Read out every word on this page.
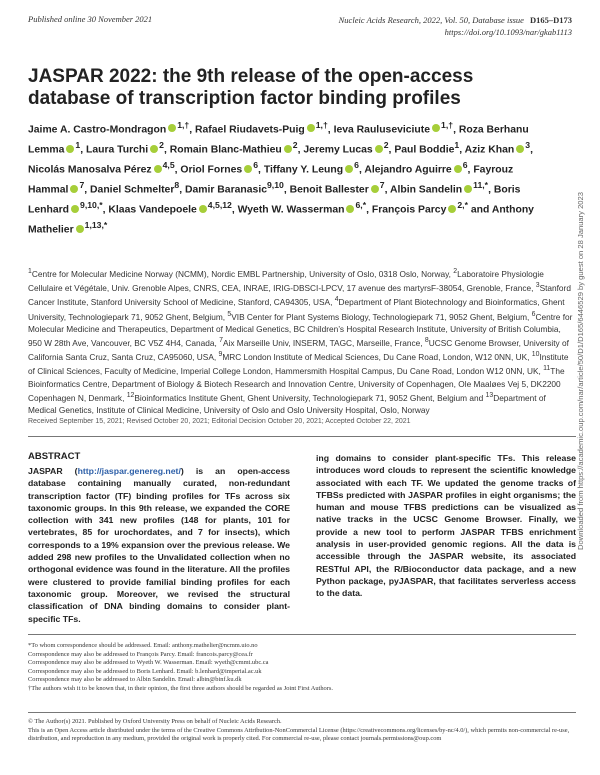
Published online 30 November 2021	Nucleic Acids Research, 2022, Vol. 50, Database issue D165–D173
https://doi.org/10.1093/nar/gkab1113
JASPAR 2022: the 9th release of the open-access database of transcription factor binding profiles
Jaime A. Castro-Mondragon $^{1,\dagger}$, Rafael Riudavets-Puig $^{1,\dagger}$, Ieva Rauluseviciute $^{1,\dagger}$, Roza Berhanu Lemma $^1$, Laura Turchi $^2$, Romain Blanc-Mathieu $^2$, Jeremy Lucas $^2$, Paul Boddie$^1$, Aziz Khan $^3$, Nicolás Manosalva Pérez $^{4,5}$, Oriol Fornes $^6$, Tiffany Y. Leung $^6$, Alejandro Aguirre $^6$, Fayrouz Hammal $^7$, Daniel Schmelter$^8$, Damir Baranasic$^{9,10}$, Benoit Ballester $^7$, Albin Sandelin $^{11,*}$, Boris Lenhard $^{9,10,*}$, Klaas Vandepoele $^{4,5,12}$, Wyeth W. Wasserman $^{6,*}$, François Parcy $^{2,*}$ and Anthony Mathelier $^{1,13,*}$

$^1$Centre for Molecular Medicine Norway (NCMM), Nordic EMBL Partnership, University of Oslo, 0318 Oslo, Norway, $^2$Laboratoire Physiologie Cellulaire et Végétale, Univ. Grenoble Alpes, CNRS, CEA, INRAE, IRIG-DBSCI-LPCV, 17 avenue des martyrsF-38054, Grenoble, France, $^3$Stanford Cancer Institute, Stanford University School of Medicine, Stanford, CA94305, USA, $^4$Department of Plant Biotechnology and Bioinformatics, Ghent University, Technologiepark 71, 9052 Ghent, Belgium, $^5$VIB Center for Plant Systems Biology, Technologiepark 71, 9052 Ghent, Belgium, $^6$Centre for Molecular Medicine and Therapeutics, Department of Medical Genetics, BC Children’s Hospital Research Institute, University of British Columbia, 950 W 28th Ave, Vancouver, BC V5Z 4H4, Canada, $^7$Aix Marseille Univ, INSERM, TAGC, Marseille, France, $^8$UCSC Genome Browser, University of California Santa Cruz, Santa Cruz, CA95060, USA, $^9$MRC London Institute of Medical Sciences, Du Cane Road, London, W12 0NN, UK, $^{10}$Institute of Clinical Sciences, Faculty of Medicine, Imperial College London, Hammersmith Hospital Campus, Du Cane Road, London W12 0NN, UK, $^{11}$The Bioinformatics Centre, Department of Biology & Biotech Research and Innovation Centre, University of Copenhagen, Ole Maaløes Vej 5, DK2200 Copenhagen N, Denmark, $^{12}$Bioinformatics Institute Ghent, Ghent University, Technologiepark 71, 9052 Ghent, Belgium and $^{13}$Department of Medical Genetics, Institute of Clinical Medicine, University of Oslo and Oslo University Hospital, Oslo, Norway

Received September 15, 2021; Revised October 20, 2021; Editorial Decision October 20, 2021; Accepted October 22, 2021
ABSTRACT

JASPAR (http://jaspar.genereg.net/) is an open-access database containing manually curated, non-redundant transcription factor (TF) binding profiles for TFs across six taxonomic groups. In this 9th release, we expanded the CORE collection with 341 new profiles (148 for plants, 101 for vertebrates, 85 for urochordates, and 7 for insects), which corresponds to a 19% expansion over the previous release. We added 298 new profiles to the Unvalidated collection when no orthogonal evidence was found in the literature. All the profiles were clustered to provide familial binding profiles for each taxonomic group. Moreover, we revised the structural classification of DNA binding domains to consider plant-specific TFs.

ing domains to consider plant-specific TFs. This release introduces word clouds to represent the scientific knowledge associated with each TF. We updated the genome tracks of TFBSs predicted with JASPAR profiles in eight organisms; the human and mouse TFBS predictions can be visualized as native tracks in the UCSC Genome Browser. Finally, we provide a new tool to perform JASPAR TFBS enrichment analysis in user-provided genomic regions. All the data is accessible through the JASPAR website, its associated RESTful API, the R/Bioconductor data package, and a new Python package, pyJASPAR, that facilitates serverless access to the data.

*To whom correspondence should be addressed. Email: anthony.mathelier@ncmm.uio.no
Correspondence may also be addressed to François Parcy. Email: francois.parcy@cea.fr
Correspondence may also be addressed to Wyeth W. Wasserman. Email: wyeth@cmmt.ubc.ca
Correspondence may also be addressed to Boris Lenhard. Email: b.lenhard@imperial.ac.uk
Correspondence may also be addressed to Albin Sandelin. Email: albin@binf.ku.dk
†The authors wish it to be known that, in their opinion, the first three authors should be regarded as Joint First Authors.
© The Author(s) 2021. Published by Oxford University Press on behalf of Nucleic Acids Research.
This is an Open Access article distributed under the terms of the Creative Commons Attribution-NonCommercial License (https://creativecommons.org/licenses/by-nc/4.0/), which permits non-commercial re-use, distribution, and reproduction in any medium, provided the original work is properly cited. For commercial re-use, please contact journals.permissions@oup.com
Downloaded from https://academic.oup.com/nar/article/50/D1/D165/6446529 by guest on 28 January 2023
